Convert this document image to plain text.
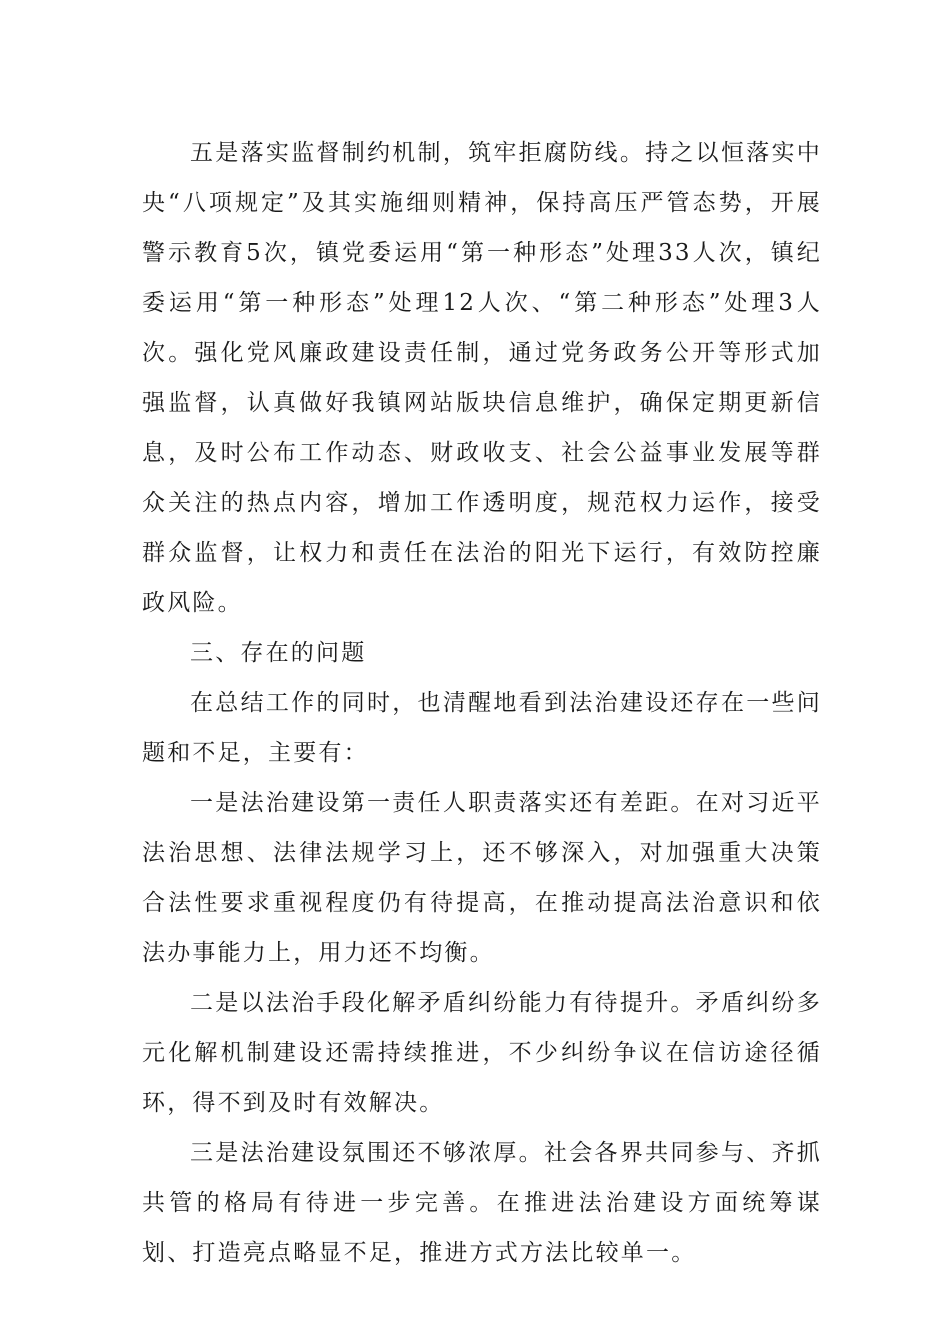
五是落实监督制约机制，筑牢拒腐防线。持之以恒落实中央“八项规定”及其实施细则精神，保持高压严管态势，开展警示教育5次，镇党委运用“第一种形态”处理33人次，镇纪委运用“第一种形态”处理12人次、“第二种形态”处理3人次。强化党风廉政建设责任制，通过党务政务公开等形式加强监督，认真做好我镇网站版块信息维护，确保定期更新信息，及时公布工作动态、财政收支、社会公益事业发展等群众关注的热点内容，增加工作透明度，规范权力运作，接受群众监督，让权力和责任在法治的阳光下运行，有效防控廉政风险。

三、存在的问题

在总结工作的同时，也清醒地看到法治建设还存在一些问题和不足，主要有：

一是法治建设第一责任人职责落实还有差距。在对习近平法治思想、法律法规学习上，还不够深入，对加强重大决策合法性要求重视程度仍有待提高，在推动提高法治意识和依法办事能力上，用力还不均衡。

二是以法治手段化解矛盾纠纷能力有待提升。矛盾纠纷多元化解机制建设还需持续推进，不少纠纷争议在信访途径循环，得不到及时有效解决。

三是法治建设氛围还不够浓厚。社会各界共同参与、齐抓共管的格局有待进一步完善。在推进法治建设方面统筹谋划、打造亮点略显不足，推进方式方法比较单一。
